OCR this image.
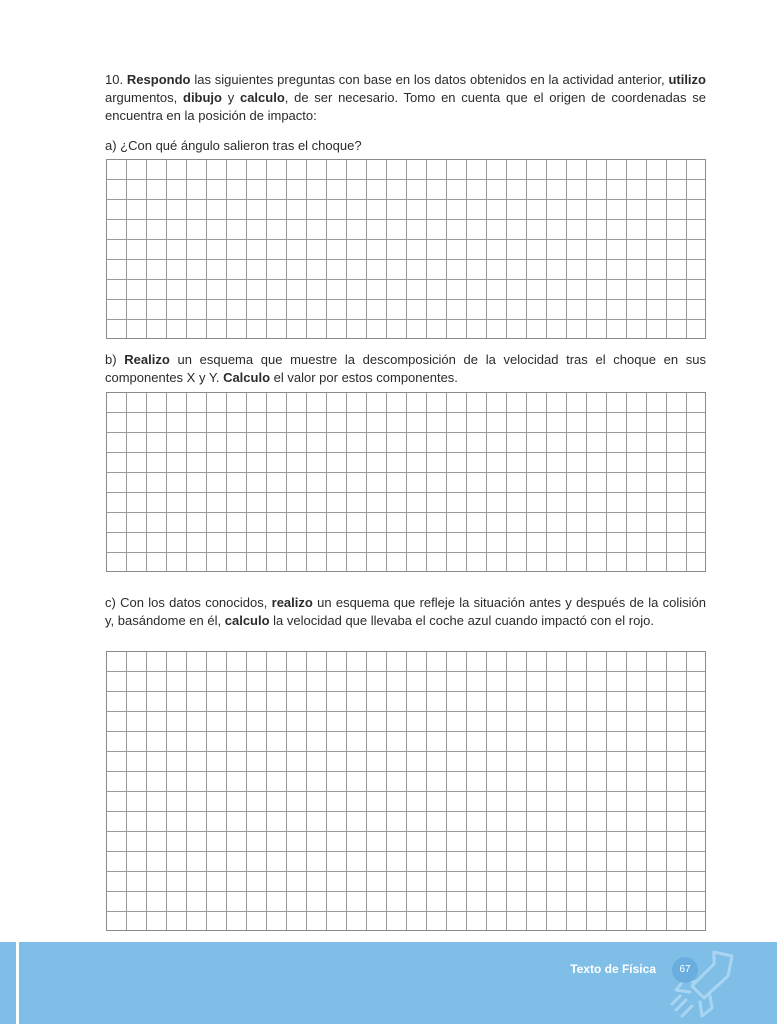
10. Respondo las siguientes preguntas con base en los datos obtenidos en la actividad anterior, utilizo argumentos, dibujo y calculo, de ser necesario. Tomo en cuenta que el origen de coordenadas se encuentra en la posición de impacto:
a) ¿Con qué ángulo salieron tras el choque?
b) Realizo un esquema que muestre la descomposición de la velocidad tras el choque en sus componentes X y Y. Calculo el valor por estos componentes.
c) Con los datos conocidos, realizo un esquema que refleje la situación antes y después de la colisión y, basándome en él, calculo la velocidad que llevaba el coche azul cuando impactó con el rojo.
Texto de Física	67
